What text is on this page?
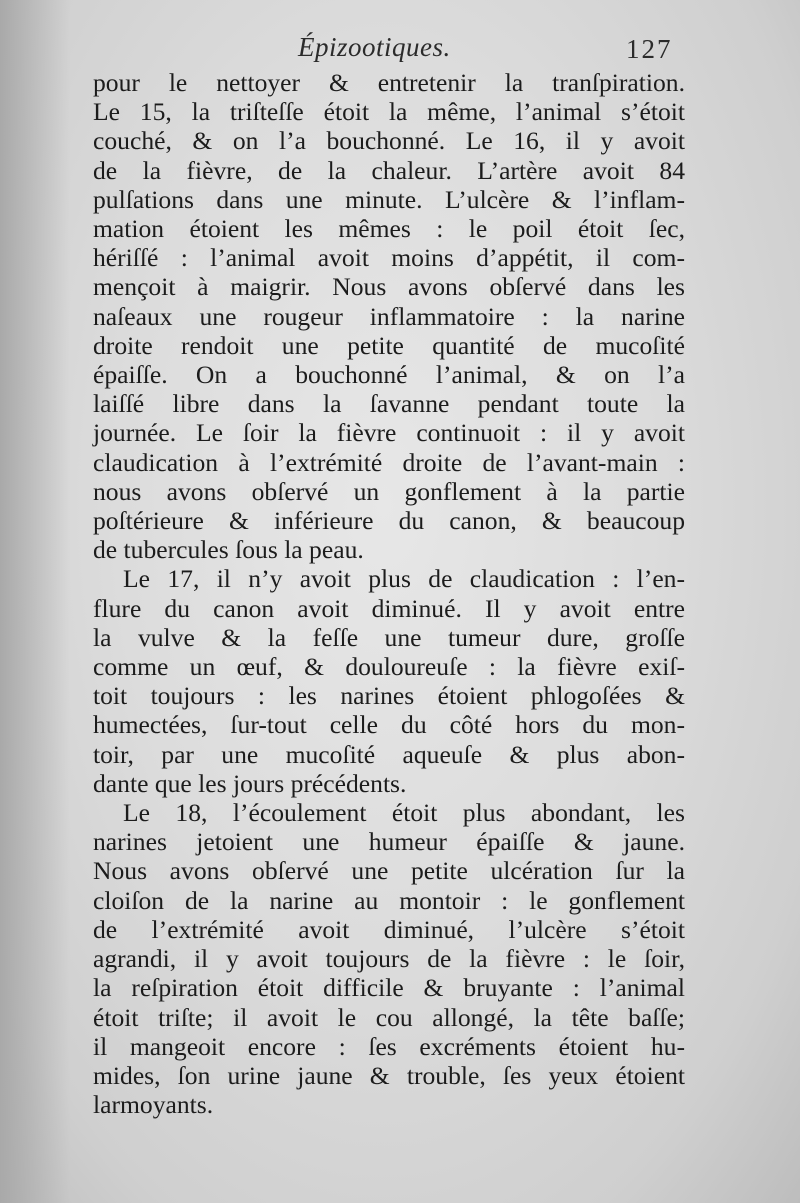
Épizootiques.	127
pour le nettoyer & entretenir la tranſpiration.
Le 15, la triſteſſe étoit la même, l’animal s’étoit
couché, & on l’a bouchonné. Le 16, il y avoit
de la fièvre, de la chaleur. L’artère avoit 84
pulſations dans une minute. L’ulcère & l’inflam-
mation étoient les mêmes : le poil étoit ſec,
hériſſé : l’animal avoit moins d’appétit, il com-
mençoit à maigrir. Nous avons obſervé dans les
naſeaux une rougeur inflammatoire : la narine
droite rendoit une petite quantité de mucoſité
épaiſſe. On a bouchonné l’animal, & on l’a
laiſſé libre dans la ſavanne pendant toute la
journée. Le ſoir la fièvre continuoit : il y avoit
claudication à l’extrémité droite de l’avant-main :
nous avons obſervé un gonflement à la partie
poſtérieure & inférieure du canon, & beaucoup
de tubercules ſous la peau.
Le 17, il n’y avoit plus de claudication : l’en-
flure du canon avoit diminué. Il y avoit entre
la vulve & la feſſe une tumeur dure, groſſe
comme un œuf, & douloureuſe : la fièvre exiſ-
toit toujours : les narines étoient phlogoſées &
humectées, ſur-tout celle du côté hors du mon-
toir, par une mucoſité aqueuſe & plus abon-
dante que les jours précédents.
Le 18, l’écoulement étoit plus abondant, les
narines jetoient une humeur épaiſſe & jaune.
Nous avons obſervé une petite ulcération ſur la
cloiſon de la narine au montoir : le gonflement
de l’extrémité avoit diminué, l’ulcère s’étoit
agrandi, il y avoit toujours de la fièvre : le ſoir,
la reſpiration étoit difficile & bruyante : l’animal
étoit triſte; il avoit le cou allongé, la tête baſſe;
il mangeoit encore : ſes excréments étoient hu-
mides, ſon urine jaune & trouble, ſes yeux étoient
larmoyants.
